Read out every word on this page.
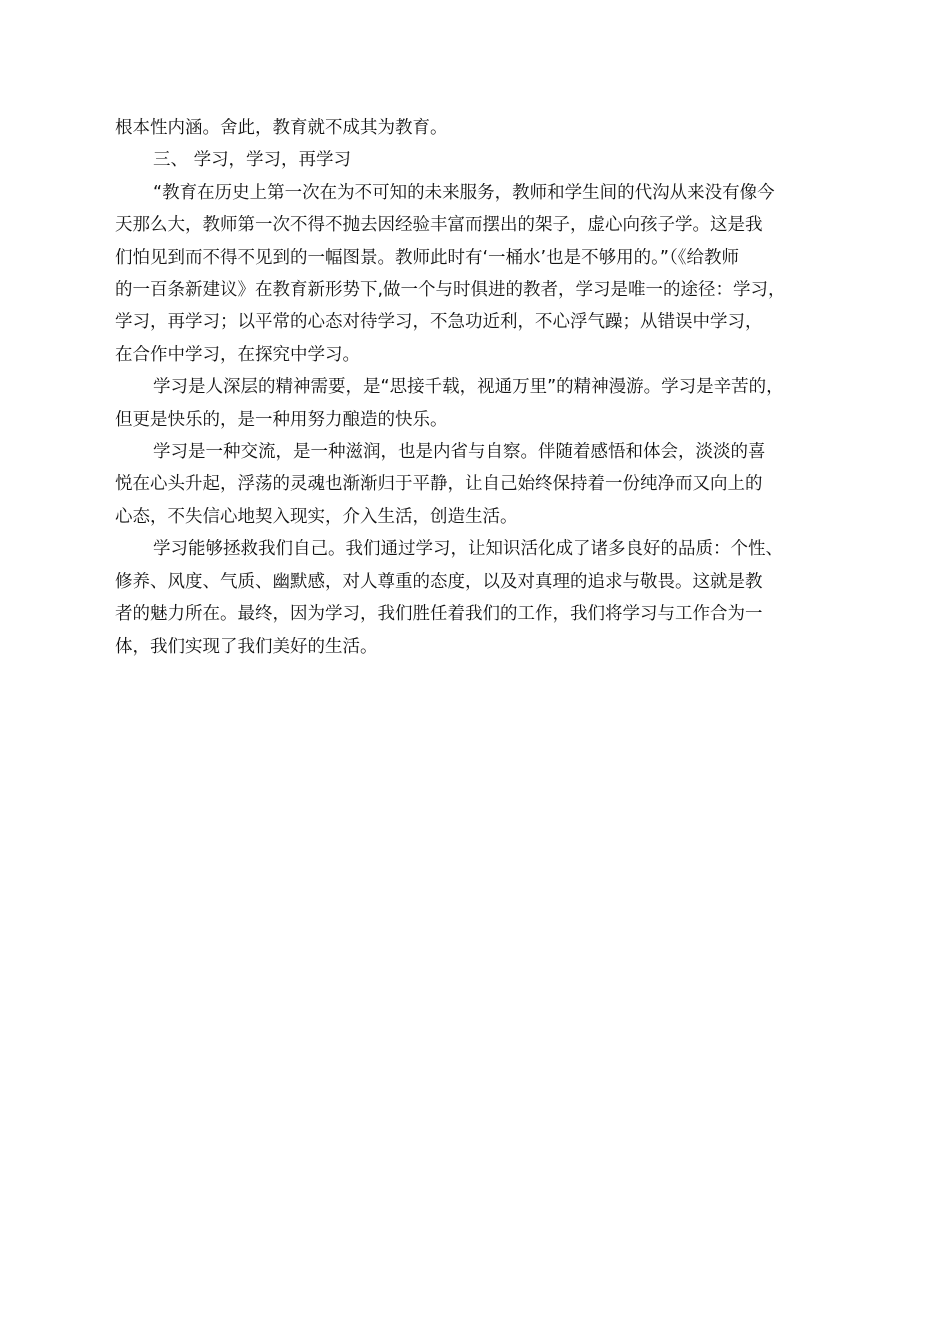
根本性内涵。舍此，教育就不成其为教育。

三、 学习，学习，再学习

“教育在历史上第一次在为不可知的未来服务，教师和学生间的代沟从来没有像今

天那么大，教师第一次不得不抛去因经验丰富而摆出的架子，虚心向孩子学。这是我

们怕见到而不得不见到的一幅图景。教师此时有‘一桶水’也是不够用的。”（《给教师

的一百条新建议》在教育新形势下,做一个与时俱进的教者，学习是唯一的途径：学习，

学习，再学习；以平常的心态对待学习，不急功近利，不心浮气躁；从错误中学习，

在合作中学习，在探究中学习。

学习是人深层的精神需要，是“思接千载，视通万里”的精神漫游。学习是辛苦的，

但更是快乐的，是一种用努力酿造的快乐。

学习是一种交流，是一种滋润，也是内省与自察。伴随着感悟和体会，淡淡的喜

悦在心头升起，浮荡的灵魂也渐渐归于平静，让自己始终保持着一份纯净而又向上的

心态，不失信心地契入现实，介入生活，创造生活。

学习能够拯救我们自己。我们通过学习，让知识活化成了诸多良好的品质：个性、

修养、风度、气质、幽默感，对人尊重的态度，以及对真理的追求与敬畏。这就是教

者的魅力所在。最终，因为学习，我们胜任着我们的工作，我们将学习与工作合为一

体，我们实现了我们美好的生活。
